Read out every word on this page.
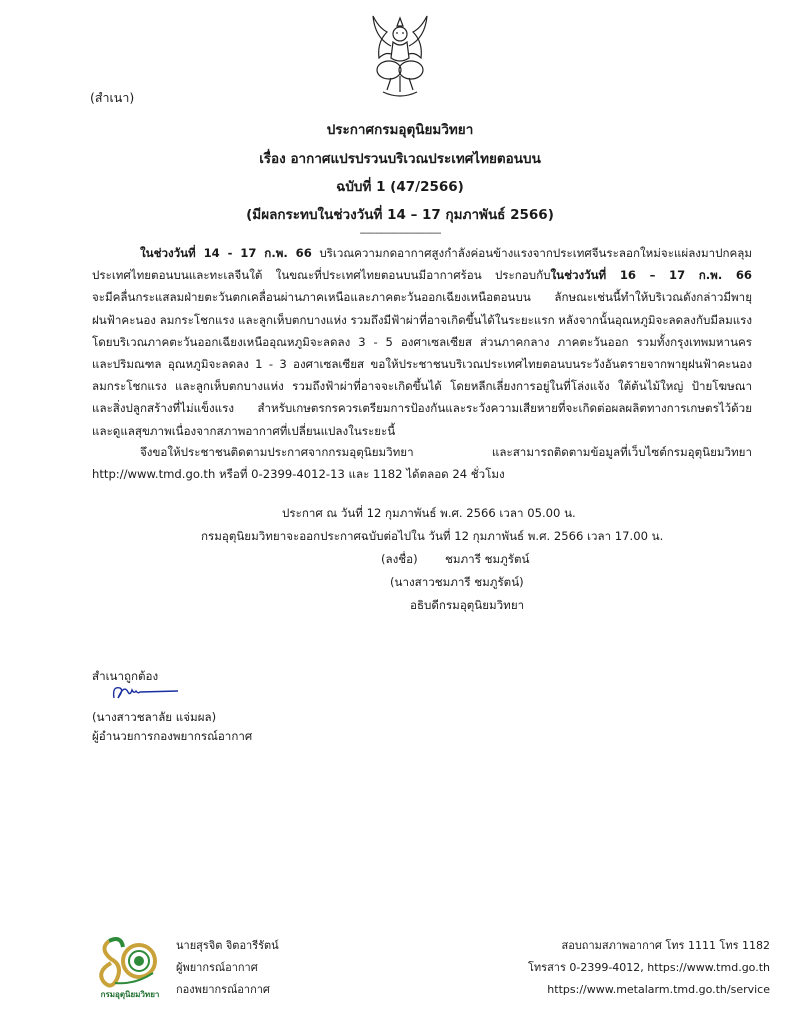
(สำเนา)
ประกาศกรมอุตุนิยมวิทยา
เรื่อง อากาศแปรปรวนบริเวณประเทศไทยตอนบน
ฉบับที่ 1 (47/2566)
(มีผลกระทบในช่วงวันที่ 14 – 17 กุมภาพันธ์ 2566)
-------------------------------
ในช่วงวันที่ 14 - 17 ก.พ. 66 บริเวณความกดอากาศสูงกำลังค่อนข้างแรงจากประเทศจีนระลอกใหม่จะแผ่ลงมาปกคลุม
ประเทศไทยตอนบนและทะเลจีนใต้ ในขณะที่ประเทศไทยตอนบนมีอากาศร้อน ประกอบกับในช่วงวันที่ 16 – 17 ก.พ. 66
จะมีคลื่นกระแสลมฝ่ายตะวันตกเคลื่อนผ่านภาคเหนือและภาคตะวันออกเฉียงเหนือตอนบน ลักษณะเช่นนี้ทำให้บริเวณดังกล่าวมีพายุ
ฝนฟ้าคะนอง ลมกระโชกแรง และลูกเห็บตกบางแห่ง รวมถึงมีฟ้าผ่าที่อาจเกิดขึ้นได้ในระยะแรก หลังจากนั้นอุณหภูมิจะลดลงกับมีลมแรง
โดยบริเวณภาคตะวันออกเฉียงเหนืออุณหภูมิจะลดลง 3 - 5 องศาเซลเซียส ส่วนภาคกลาง ภาคตะวันออก รวมทั้งกรุงเทพมหานคร
และปริมณฑล อุณหภูมิจะลดลง 1 - 3 องศาเซลเซียส ขอให้ประชาชนบริเวณประเทศไทยตอนบนระวังอันตรายจากพายุฝนฟ้าคะนอง
ลมกระโชกแรง และลูกเห็บตกบางแห่ง รวมถึงฟ้าผ่าที่อาจจะเกิดขึ้นได้ โดยหลีกเลี่ยงการอยู่ในที่โล่งแจ้ง ใต้ต้นไม้ใหญ่ ป้ายโฆษณา
และสิ่งปลูกสร้างที่ไม่แข็งแรง สำหรับเกษตรกรควรเตรียมการป้องกันและระวังความเสียหายที่จะเกิดต่อผลผลิตทางการเกษตรไว้ด้วย
และดูแลสุขภาพเนื่องจากสภาพอากาศที่เปลี่ยนแปลงในระยะนี้
จึงขอให้ประชาชนติดตามประกาศจากกรมอุตุนิยมวิทยา และสามารถติดตามข้อมูลที่เว็บไซต์กรมอุตุนิยมวิทยา
http://www.tmd.go.th หรือที่ 0-2399-4012-13 และ 1182 ได้ตลอด 24 ชั่วโมง
ประกาศ ณ วันที่ 12 กุมภาพันธ์ พ.ศ. 2566 เวลา 05.00 น.
กรมอุตุนิยมวิทยาจะออกประกาศฉบับต่อไปใน วันที่ 12 กุมภาพันธ์ พ.ศ. 2566 เวลา 17.00 น.
(ลงชื่อ) ชมภารี ชมภูรัตน์
(นางสาวชมภารี ชมภูรัตน์)
อธิบดีกรมอุตุนิยมวิทยา
สำเนาถูกต้อง
(นางสาวชลาลัย แจ่มผล)
ผู้อำนวยการกองพยากรณ์อากาศ
กรมอุตุนิยมวิทยา
นายสุรจิต จิตอารีรัตน์
ผู้พยากรณ์อากาศ
กองพยากรณ์อากาศ
สอบถามสภาพอากาศ โทร 1111 โทร 1182
โทรสาร 0-2399-4012, https://www.tmd.go.th
https://www.metalarm.tmd.go.th/service
